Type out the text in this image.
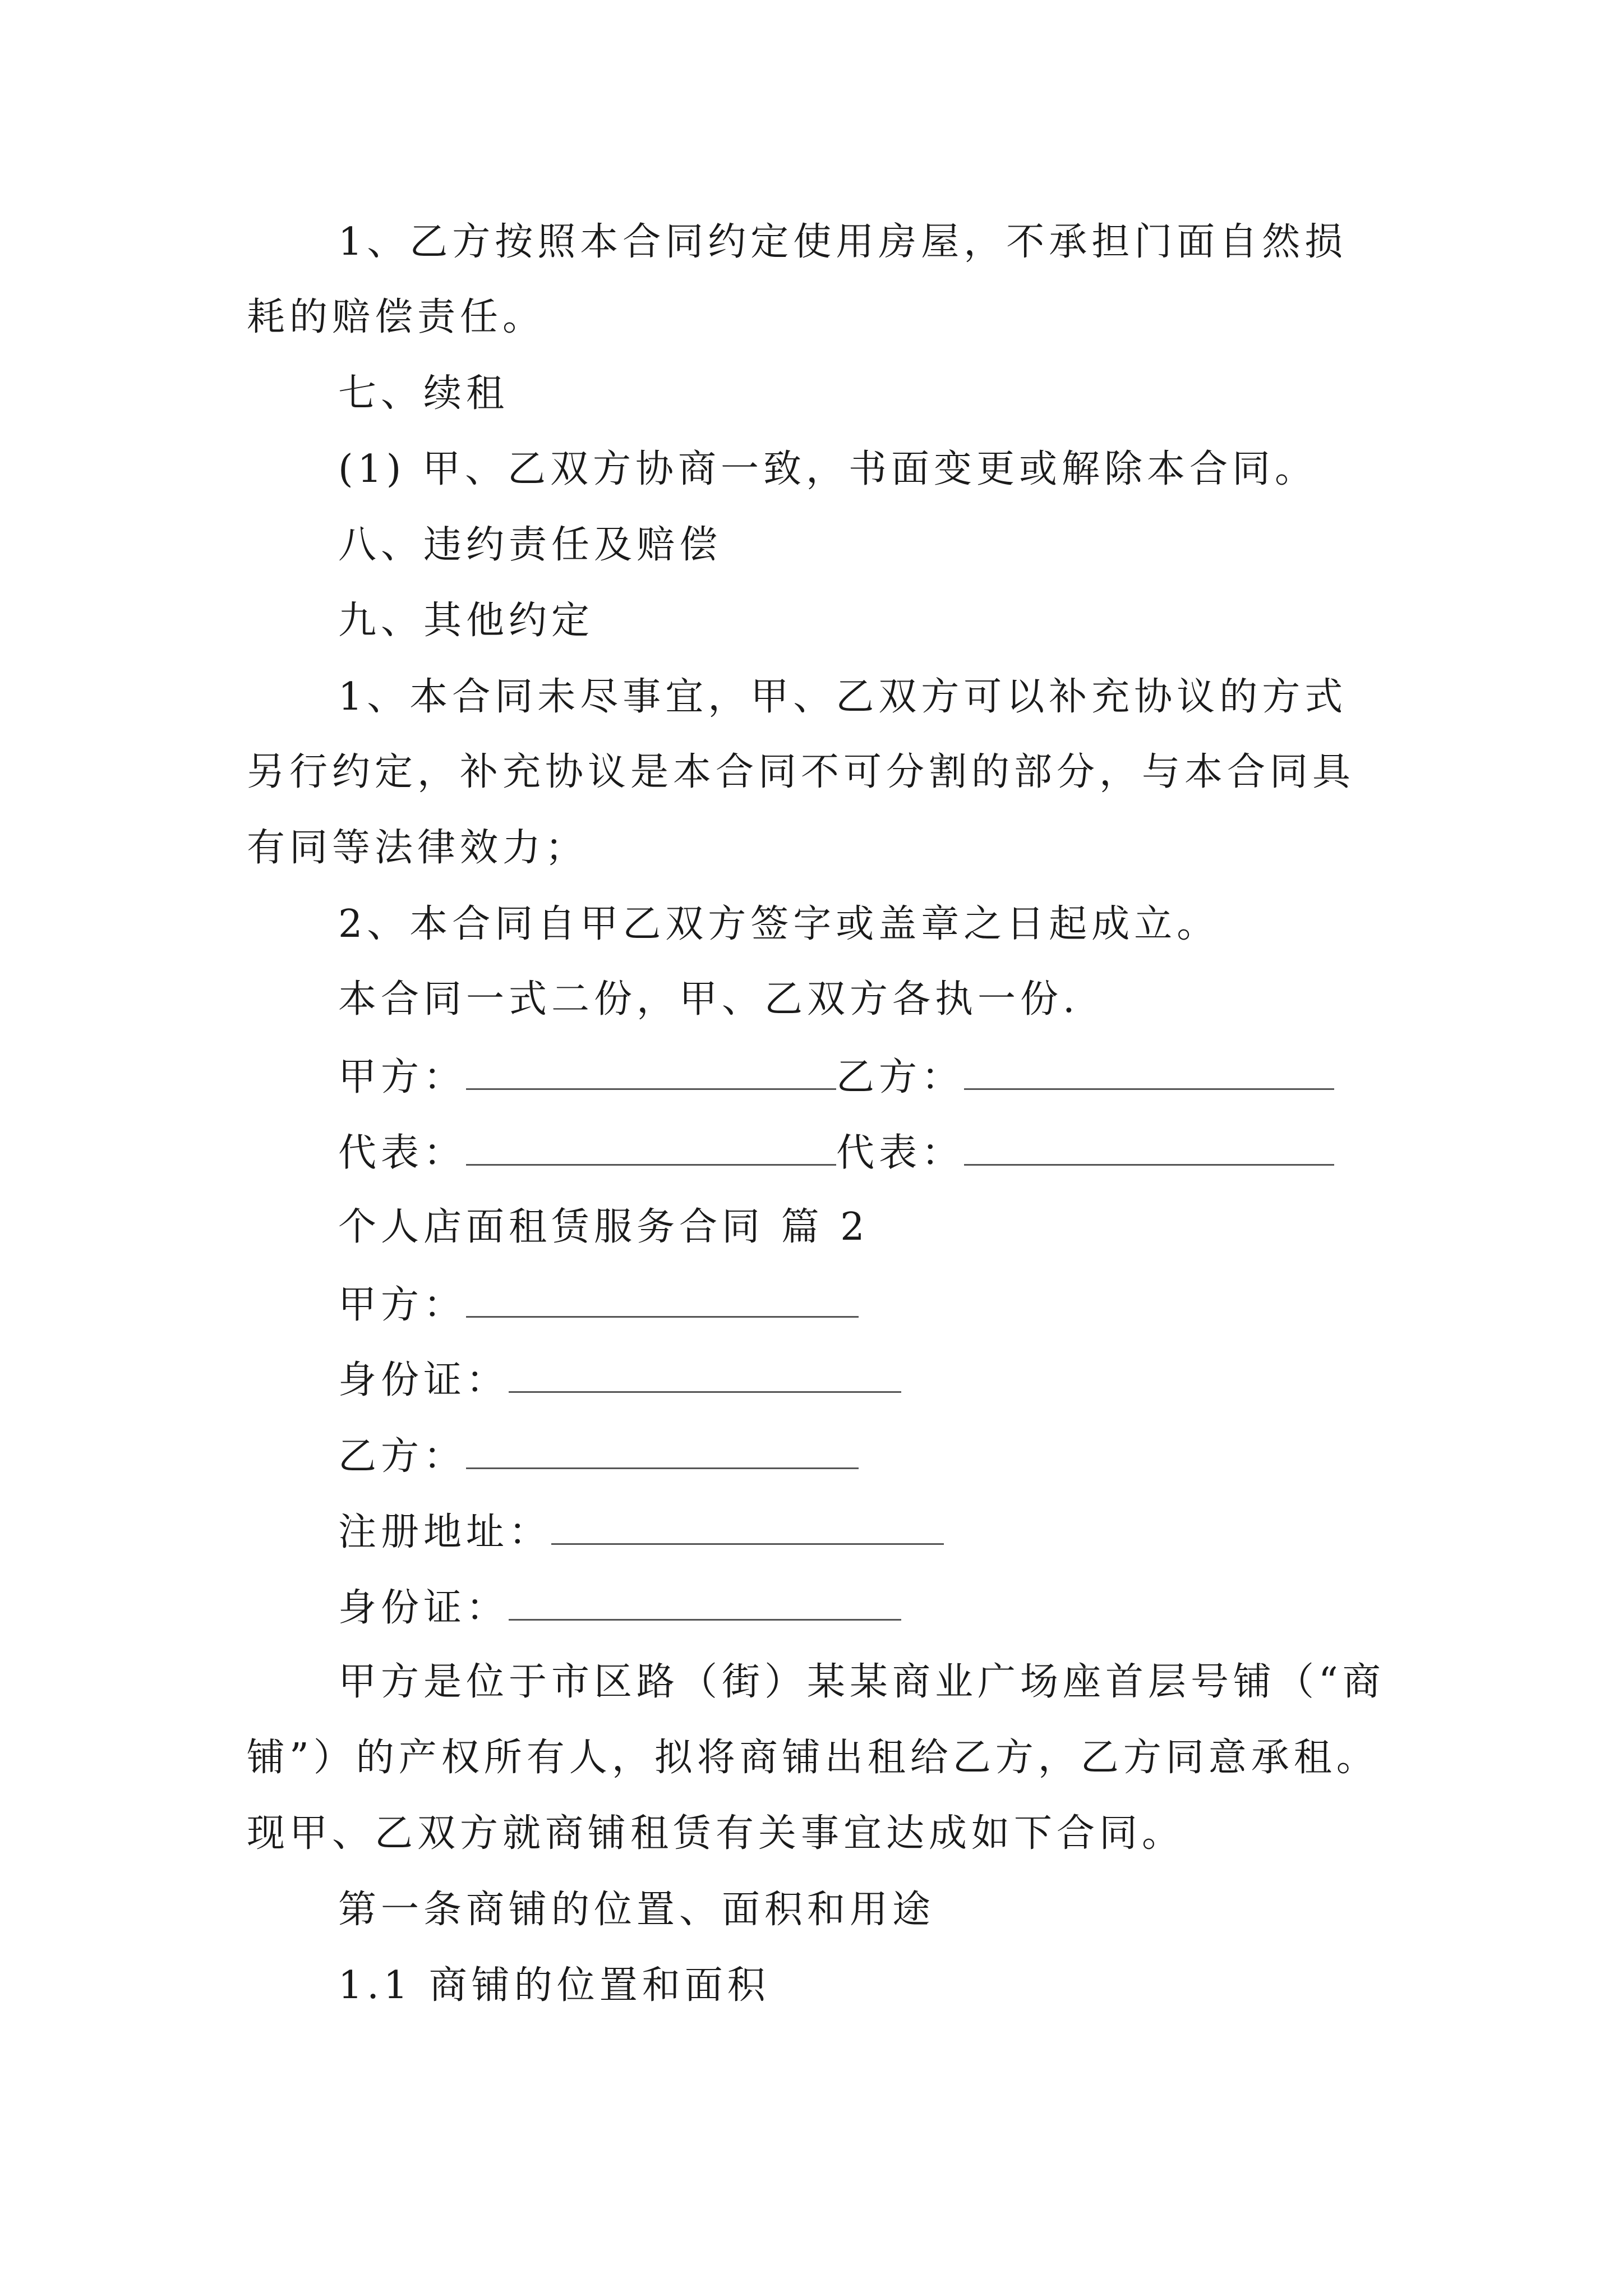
1、乙方按照本合同约定使用房屋，不承担门面自然损
耗的赔偿责任。
七、续租
(1) 甲、乙双方协商一致，书面变更或解除本合同。
八、违约责任及赔偿
九、其他约定
1、本合同未尽事宜，甲、乙双方可以补充协议的方式
另行约定，补充协议是本合同不可分割的部分，与本合同具
有同等法律效力；
2、本合同自甲乙双方签字或盖章之日起成立。
本合同一式二份，甲、乙双方各执一份.
甲方：	乙方：
代表：	代表：
个人店面租赁服务合同 篇 2
甲方：
身份证：
乙方：
注册地址：
身份证：
甲方是位于市区路（街）某某商业广场座首层号铺（“商
铺”）的产权所有人，拟将商铺出租给乙方，乙方同意承租。
现甲、乙双方就商铺租赁有关事宜达成如下合同。
第一条商铺的位置、面积和用途
1.1 商铺的位置和面积
